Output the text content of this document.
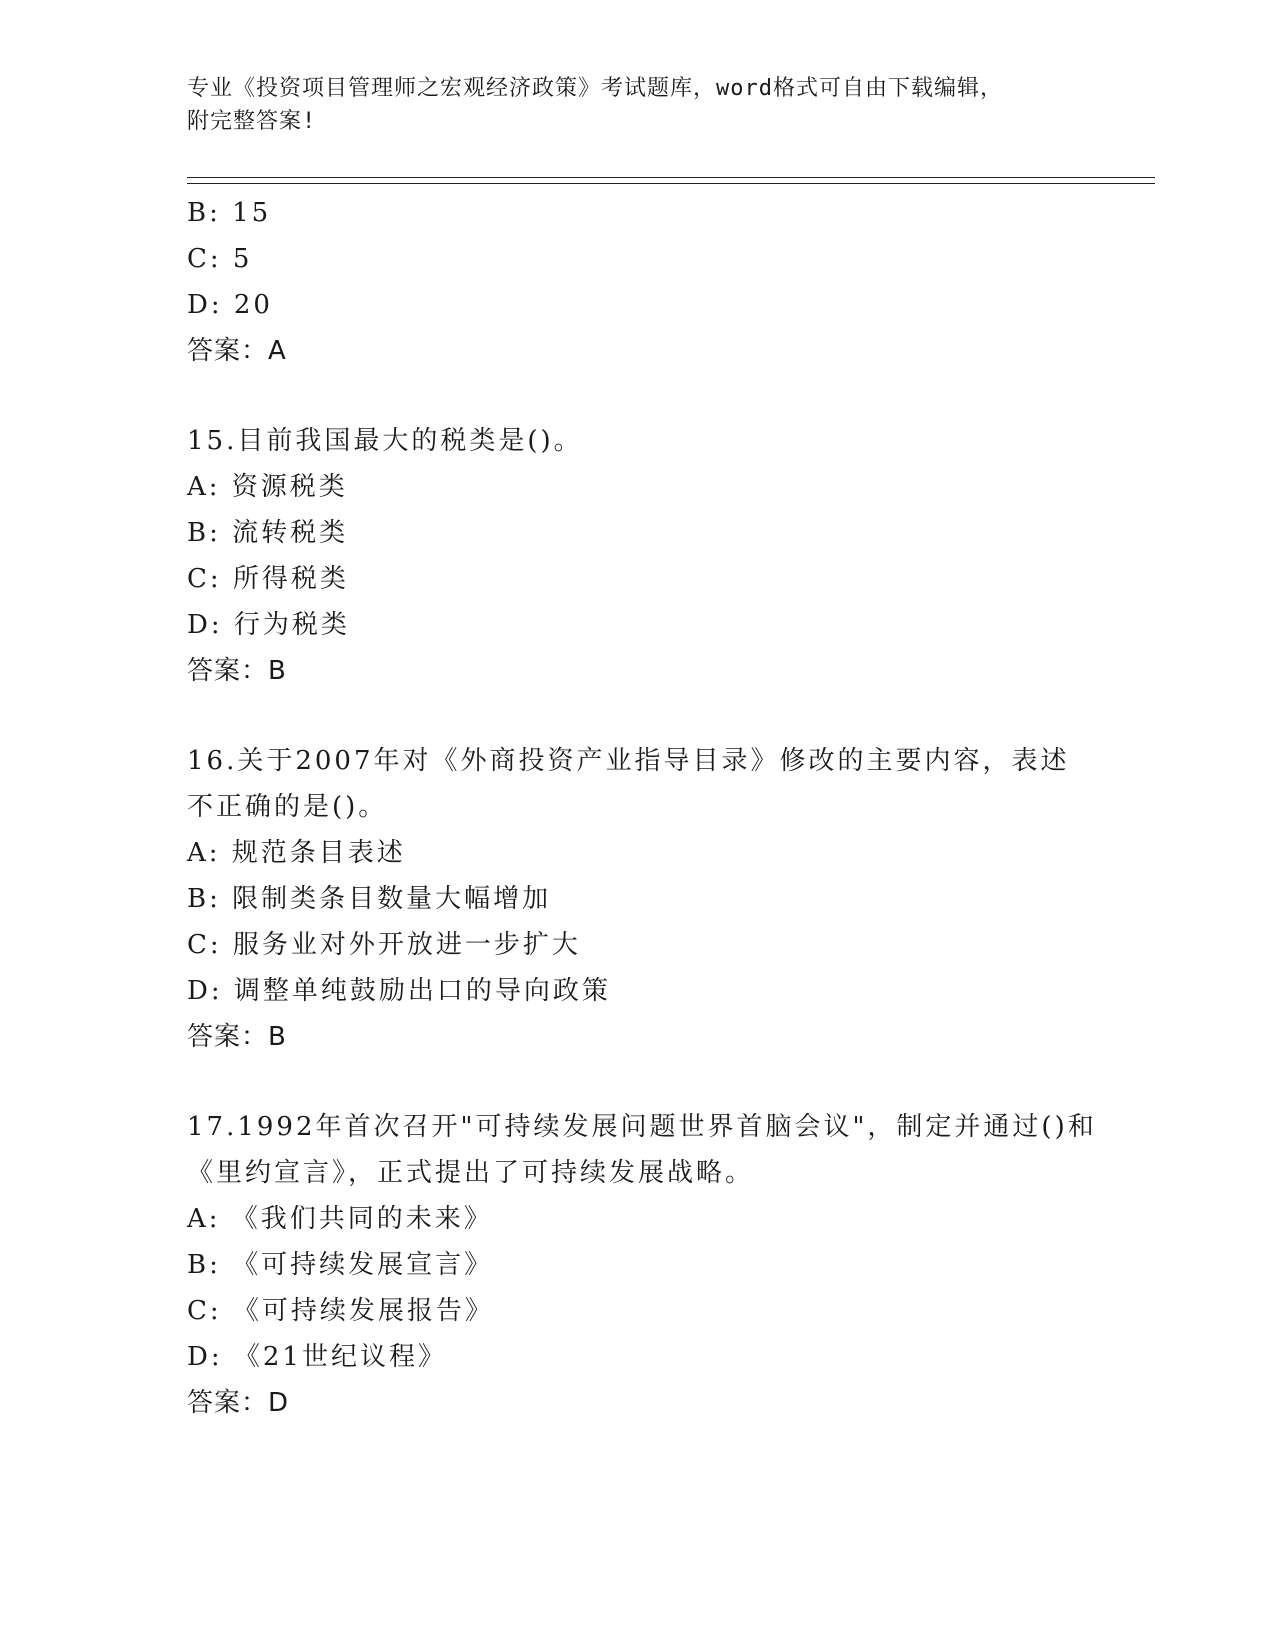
专业《投资项目管理师之宏观经济政策》考试题库，word格式可自由下载编辑，
附完整答案!
B: 15
C: 5
D: 20
答案：A
15.目前我国最大的税类是()。
A: 资源税类
B: 流转税类
C: 所得税类
D: 行为税类
答案：B
16.关于2007年对《外商投资产业指导目录》修改的主要内容，表述
不正确的是()。
A: 规范条目表述
B: 限制类条目数量大幅增加
C: 服务业对外开放进一步扩大
D: 调整单纯鼓励出口的导向政策
答案：B
17.1992年首次召开"可持续发展问题世界首脑会议"，制定并通过()和
《里约宣言》，正式提出了可持续发展战略。
A: 《我们共同的未来》
B: 《可持续发展宣言》
C: 《可持续发展报告》
D: 《21世纪议程》
答案：D
